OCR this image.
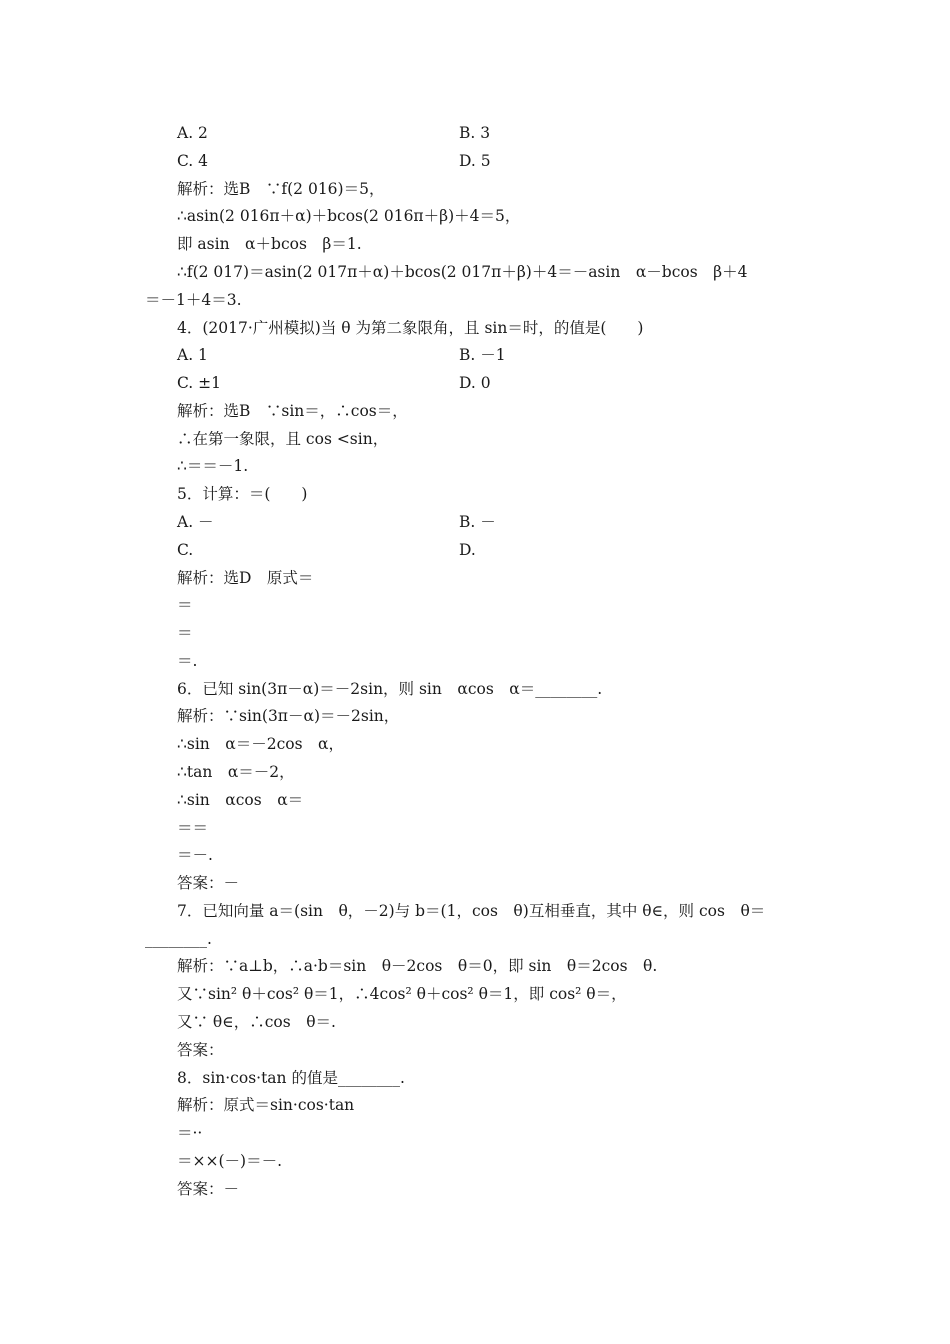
A. 2	B. 3
C. 4	D. 5
解析：选B　∵f(2 016)＝5，
∴asin(2 016π＋α)＋bcos(2 016π＋β)＋4＝5，
即 asin　α＋bcos　β＝1.
∴f(2 017)＝asin(2 017π＋α)＋bcos(2 017π＋β)＋4＝－asin　α－bcos　β＋4
＝－1＋4＝3.
4．(2017·广州模拟)当 θ 为第二象限角，且 sin＝时，的值是(　　)
A. 1	B. －1
C. ±1	D. 0
解析：选B　∵sin＝，∴cos＝，
∴在第一象限，且 cos <sin，
∴＝＝－1.
5．计算：＝(　　)
A. －	B. －
C.	D.
解析：选D　原式＝
＝
＝
＝.
6．已知 sin(3π－α)＝－2sin，则 sin　αcos　α＝________.
解析：∵sin(3π－α)＝－2sin，
∴sin　α＝－2cos　α，
∴tan　α＝－2，
∴sin　αcos　α＝
＝＝
＝－.
答案：－
7．已知向量 a＝(sin　θ，－2)与 b＝(1，cos　θ)互相垂直，其中 θ∈，则 cos　θ＝
________.
解析：∵a⊥b，∴a·b＝sin　θ－2cos　θ＝0，即 sin　θ＝2cos　θ.
又∵sin² θ＋cos² θ＝1，∴4cos² θ＋cos² θ＝1，即 cos² θ＝，
又∵ θ∈，∴cos　θ＝.
答案：
8．sin·cos·tan 的值是________.
解析：原式＝sin·cos·tan
＝··
＝××(－)＝－.
答案：－
